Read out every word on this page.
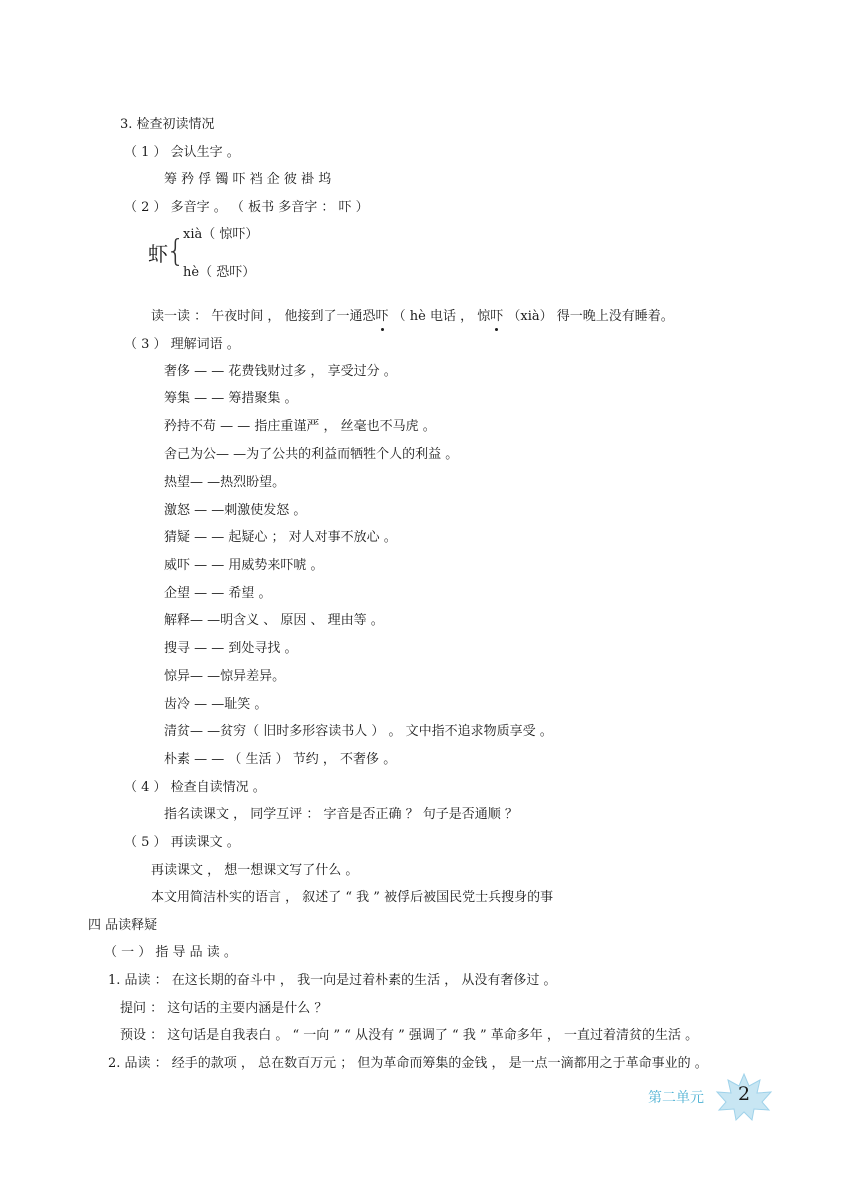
3. 检查初读情况
（ 1 ） 会认生字 。
筹 矜 俘 镯 吓 裆 企 彼 褂 坞
（ 2 ） 多音字 。 （ 板书 多音字 ： 吓 ）
虾
{
xià（ 惊吓）
hè（ 恐吓）
读一读 ： 午夜时间 ， 他接到了一通恐吓 （ hè 电话 ， 惊吓 （xià） 得一晚上没有睡着。
（ 3 ） 理解词语 。
奢侈 — — 花费钱财过多 ， 享受过分 。
筹集 — — 筹措聚集 。
矜持不苟 — — 指庄重谨严 ， 丝毫也不马虎 。
舍己为公— —为了公共的利益而牺牲个人的利益 。
热望— —热烈盼望。
激怒 — —刺激使发怒 。
猜疑 — — 起疑心 ； 对人对事不放心 。
威吓 — — 用威势来吓唬 。
企望 — — 希望 。
解释— —明含义 、 原因 、 理由等 。
搜寻 — — 到处寻找 。
惊异— —惊异差异。
齿冷 — —耻笑 。
清贫— —贫穷（ 旧时多形容读书人 ） 。 文中指不追求物质享受 。
朴素 — — （ 生活 ） 节约 ， 不奢侈 。
（ 4 ） 检查自读情况 。
指名读课文 ， 同学互评 ： 字音是否正确 ？ 句子是否通顺 ？
（ 5 ） 再读课文 。
再读课文 ， 想一想课文写了什么 。
本文用简洁朴实的语言 ， 叙述了 “ 我 ” 被俘后被国民党士兵搜身的事
四 品读释疑
（ 一 ） 指 导 品 读 。
1. 品读 ： 在这长期的奋斗中 ， 我一向是过着朴素的生活 ， 从没有奢侈过 。
提问 ： 这句话的主要内涵是什么 ？
预设 ： 这句话是自我表白 。 “ 一向 ” “ 从没有 ” 强调了 “ 我 ” 革命多年 ， 一直过着清贫的生活 。
2. 品读 ： 经手的款项 ， 总在数百万元 ； 但为革命而筹集的金钱 ， 是一点一滴都用之于革命事业的 。
第二单元 2
